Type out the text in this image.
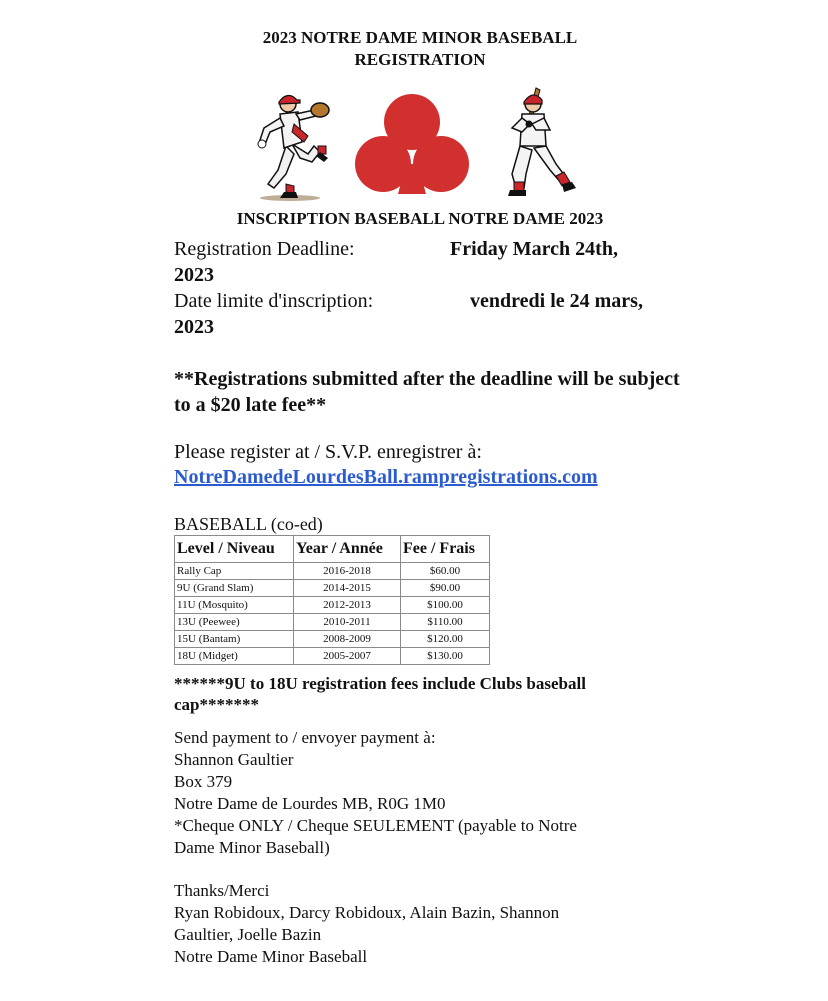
2023 NOTRE DAME MINOR BASEBALL
REGISTRATION
INSCRIPTION BASEBALL NOTRE DAME 2023
Registration Deadline:	Friday March 24th,
2023
Date limite d'inscription:	vendredi le 24 mars,
2023
**Registrations submitted after the deadline will be subject to a $20 late fee**
Please register at / S.V.P. enregistrer à:
NotreDamedeLourdesBall.rampregistrations.com
BASEBALL (co-ed)
Level / Niveau	Year / Année	Fee / Frais
Rally Cap	2016-2018	$60.00
9U (Grand Slam)	2014-2015	$90.00
11U (Mosquito)	2012-2013	$100.00
13U (Peewee)	2010-2011	$110.00
15U (Bantam)	2008-2009	$120.00
18U (Midget)	2005-2007	$130.00
******9U to 18U registration fees include Clubs baseball cap*******
Send payment to / envoyer payment à:
Shannon Gaultier
Box 379
Notre Dame de Lourdes MB, R0G 1M0
*Cheque ONLY / Cheque SEULEMENT (payable to Notre
Dame Minor Baseball)
Thanks/Merci
Ryan Robidoux, Darcy Robidoux, Alain Bazin, Shannon
Gaultier, Joelle Bazin
Notre Dame Minor Baseball
